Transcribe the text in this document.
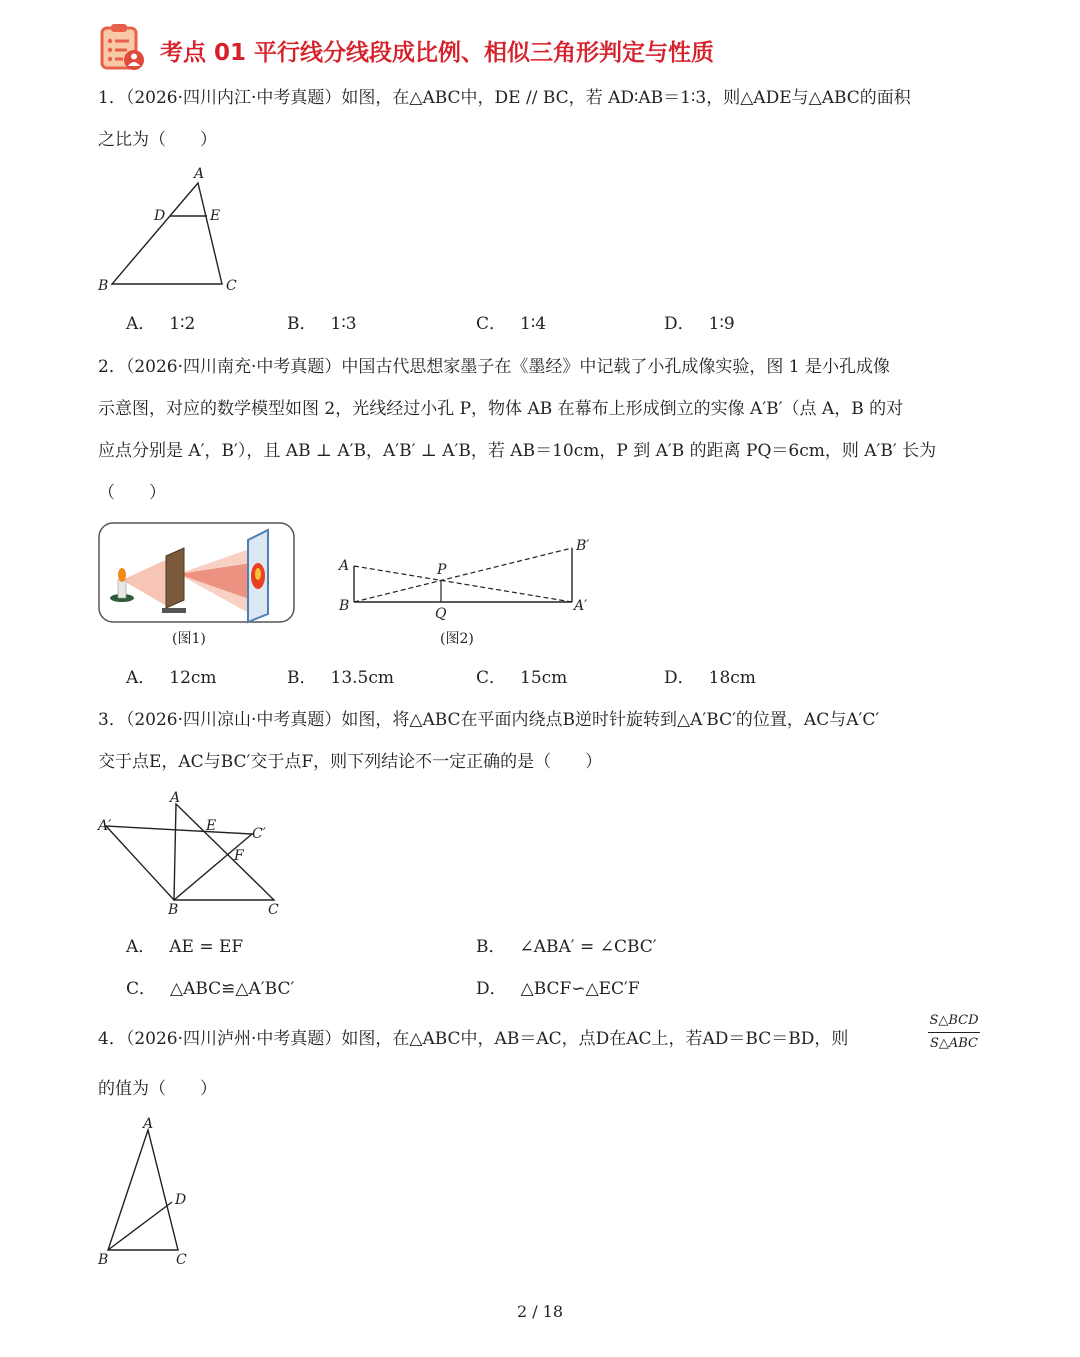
考点 01 平行线分线段成比例、相似三角形判定与性质
1．（2026·四川内江·中考真题）如图，在△ABC中，DE // BC，若 AD∶AB＝1∶3，则△ADE与△ABC的面积
之比为（　　）
A
D	E
B	C
A． 1∶2	B． 1∶3	C． 1∶4	D． 1∶9
2．（2026·四川南充·中考真题）中国古代思想家墨子在《墨经》中记载了小孔成像实验，图 1 是小孔成像
示意图，对应的数学模型如图 2，光线经过小孔 P，物体 AB 在幕布上形成倒立的实像 A′B′（点 A，B 的对
应点分别是 A′，B′），且 AB ⊥ A′B，A′B′ ⊥ A′B，若 AB＝10cm，P 到 A′B 的距离 PQ＝6cm，则 A′B′ 长为
（　　）
(图1)
A
B
P
Q
B′
A′
(图2)
A． 12cm	B． 13.5cm	C． 15cm	D． 18cm
3．（2026·四川凉山·中考真题）如图，将△ABC在平面内绕点B逆时针旋转到△A′BC′的位置，AC与A′C′
交于点E，AC与BC′交于点F，则下列结论不一定正确的是（　　）
A
A′	E	C′
F
B	C
A． AE = EF	B． ∠ABA′ = ∠CBC′
C． △ABC≌△A′BC′	D． △BCF∽△EC′F
4．（2026·四川泸州·中考真题）如图，在△ABC中，AB＝AC，点D在AC上，若AD＝BC＝BD，则
S△BCD
S△ABC
的值为（　　）
A
D
B	C
2 / 18
